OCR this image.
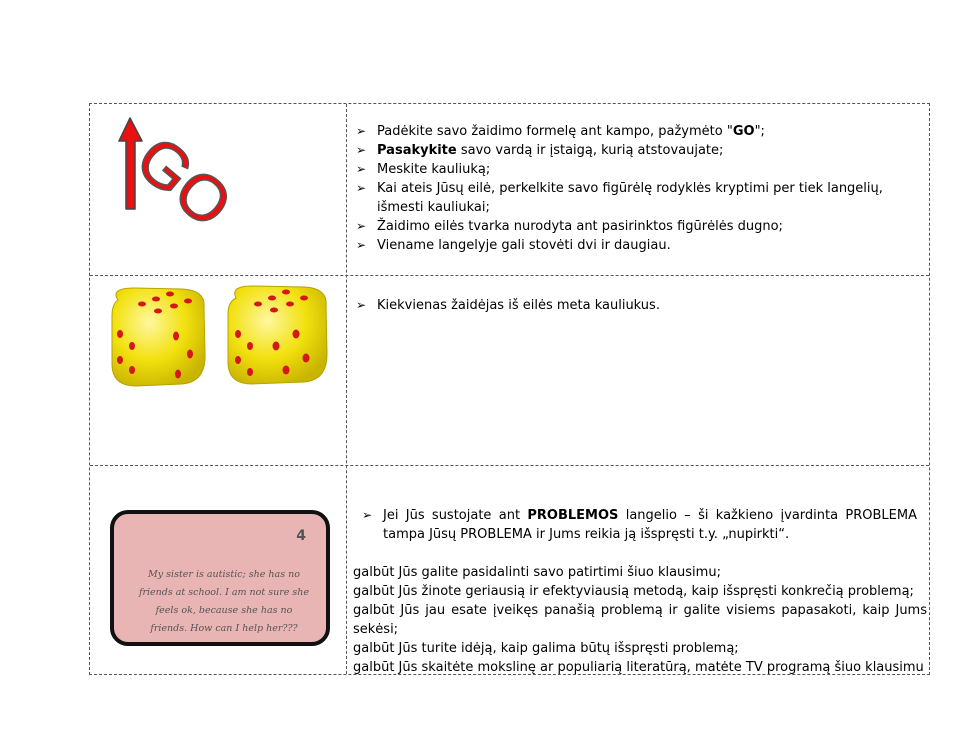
GO
➢	Padėkite savo žaidimo formelę ant kampo, pažymėto "GO";
➢ Pasakykite savo vardą ir įstaigą, kurią atstovaujate;
➢ Meskite kauliuką;
➢ Kai ateis Jūsų eilė, perkelkite savo figūrėlę rodyklės kryptimi per tiek langelių, išmesti kauliukai;
➢ Žaidimo eilės tvarka nurodyta ant pasirinktos figūrėlės dugno;
➢ Viename langelyje gali stovėti dvi ir daugiau.
➢ Kiekvienas žaidėjas iš eilės meta kauliukus.
4
My sister is autistic; she has no friends at school. I am not sure she feels ok, because she has no friends. How can I help her???
➢ Jei Jūs sustojate ant PROBLEMOS langelio – ši kažkieno įvardinta PROBLEMA tampa Jūsų PROBLEMA ir Jums reikia ją išspręsti t.y. „nupirkti“.

galbūt Jūs galite pasidalinti savo patirtimi šiuo klausimu;

galbūt Jūs žinote geriausią ir efektyviausią metodą, kaip išspręsti konkrečią problemą;

galbūt Jūs jau esate įveikęs panašią problemą ir galite visiems papasakoti, kaip Jums sekėsi;

galbūt Jūs turite idėją, kaip galima būtų išspręsti problemą;

galbūt Jūs skaitėte mokslinę ar populiarią literatūrą, matėte TV programą šiuo klausimu
